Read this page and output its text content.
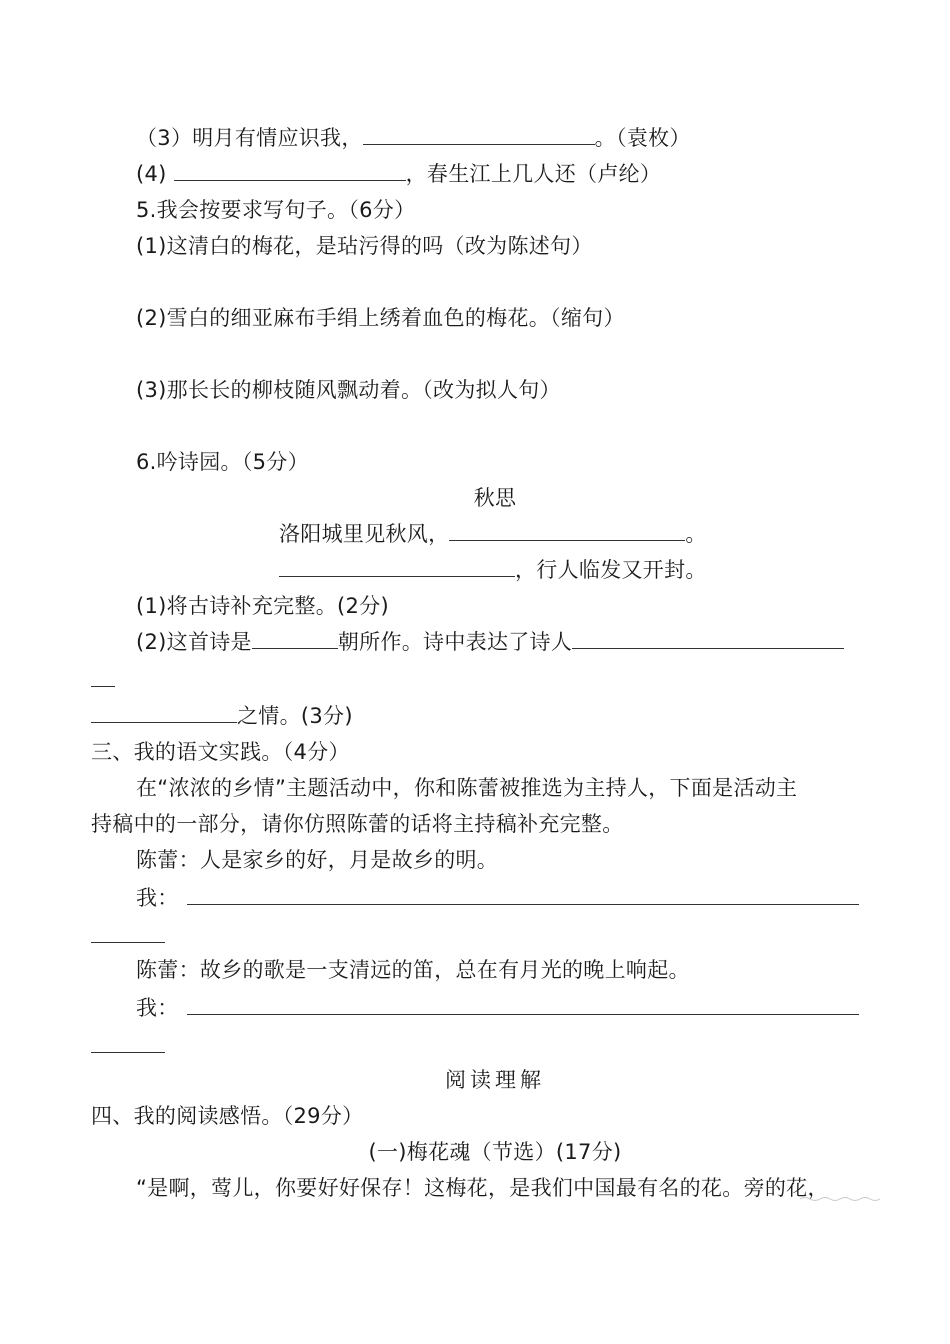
（3）明月有情应识我，	。（袁枚）
(4)	，春生江上几人还（卢纶）
5.我会按要求写句子。（6分）
(1)这清白的梅花，是玷污得的吗（改为陈述句）
(2)雪白的细亚麻布手绢上绣着血色的梅花。（缩句）
(3)那长长的柳枝随风飘动着。（改为拟人句）
6.吟诗园。（5分）
秋思
洛阳城里见秋风，	。
，行人临发又开封。
(1)将古诗补充完整。(2分)
(2)这首诗是	朝所作。诗中表达了诗人
之情。(3分)
三、我的语文实践。（4分）
在“浓浓的乡情”主题活动中，你和陈蕾被推选为主持人，下面是活动主
持稿中的一部分，请你仿照陈蕾的话将主持稿补充完整。
陈蕾：人是家乡的好，月是故乡的明。
我：
陈蕾：故乡的歌是一支清远的笛，总在有月光的晚上响起。
我：
阅读理解
四、我的阅读感悟。（29分）
(一)梅花魂（节选）(17分)
“是啊，莺儿，你要好好保存！这梅花，是我们中国最有名的花。旁的花，
